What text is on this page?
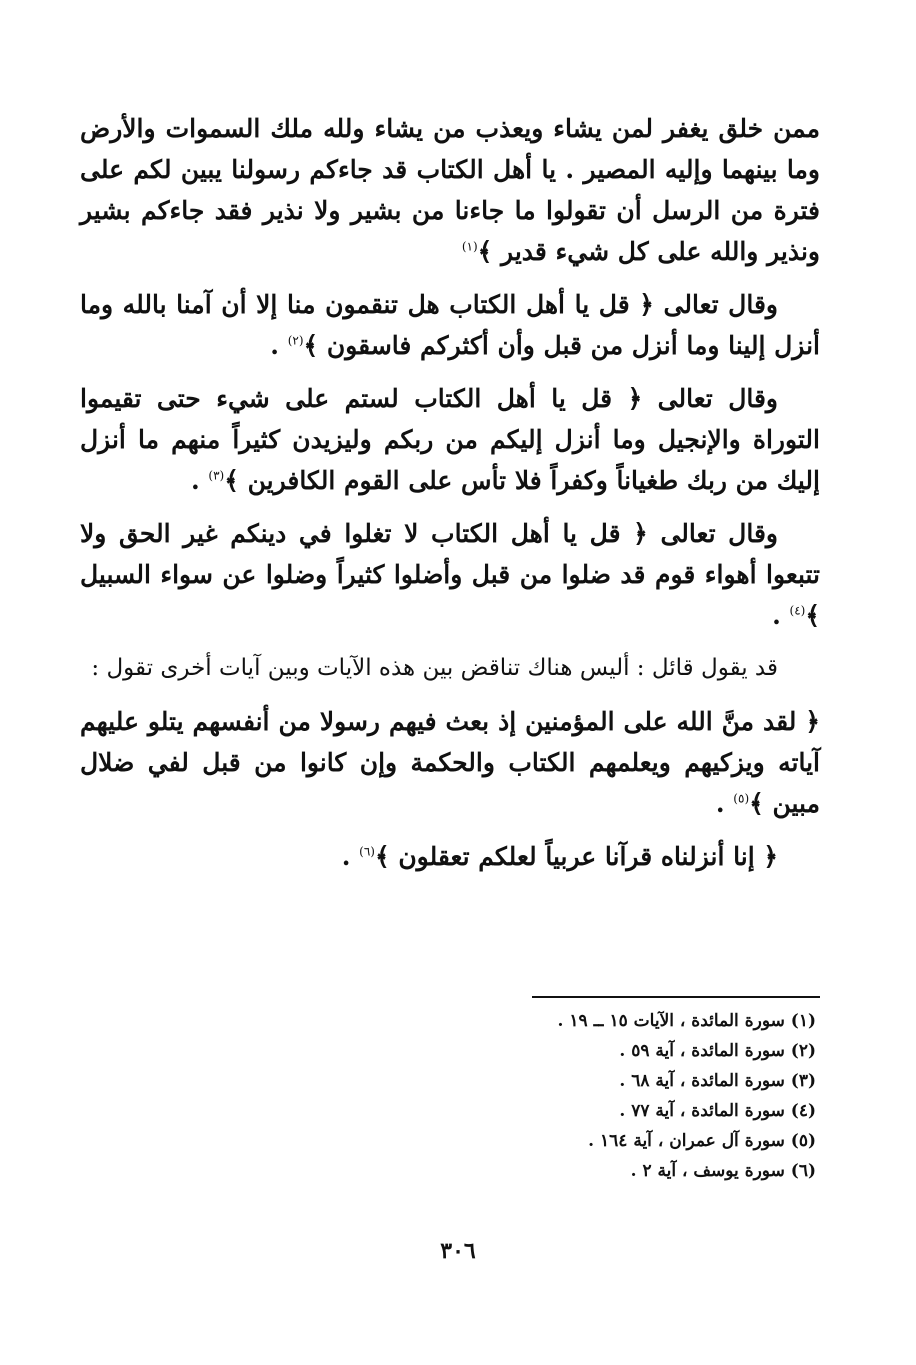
ممن خلق يغفر لمن يشاء ويعذب من يشاء ولله ملك السموات والأرض وما بينهما وإليه المصير . يا أهل الكتاب قد جاءكم رسولنا يبين لكم على فترة من الرسل أن تقولوا ما جاءنا من بشير ولا نذير فقد جاءكم بشير ونذير والله على كل شيء قدير ﴾$^{(١)}$

وقال تعالى ﴿ قل يا أهل الكتاب هل تنقمون منا إلا أن آمنا بالله وما أنزل إلينا وما أنزل من قبل وأن أكثركم فاسقون ﴾$^{(٢)}$ .

وقال تعالى ﴿ قل يا أهل الكتاب لستم على شيء حتى تقيموا التوراة والإنجيل وما أنزل إليكم من ربكم وليزيدن كثيراً منهم ما أنزل إليك من ربك طغياناً وكفراً فلا تأس على القوم الكافرين ﴾$^{(٣)}$ .

وقال تعالى ﴿ قل يا أهل الكتاب لا تغلوا في دينكم غير الحق ولا تتبعوا أهواء قوم قد ضلوا من قبل وأضلوا كثيراً وضلوا عن سواء السبيل ﴾$^{(٤)}$ .

قد يقول قائل : أليس هناك تناقض بين هذه الآيات وبين آيات أخرى تقول :

﴿ لقد منَّ الله على المؤمنين إذ بعث فيهم رسولا من أنفسهم يتلو عليهم آياته ويزكيهم ويعلمهم الكتاب والحكمة وإن كانوا من قبل لفي ضلال مبين ﴾$^{(٥)}$ .

﴿ إنا أنزلناه قرآنا عربياً لعلكم تعقلون ﴾$^{(٦)}$ .

(١) سورة المائدة ، الآيات ١٥ ــ ١٩ .
(٢) سورة المائدة ، آية ٥٩ .
(٣) سورة المائدة ، آية ٦٨ .
(٤) سورة المائدة ، آية ٧٧ .
(٥) سورة آل عمران ، آية ١٦٤ .
(٦) سورة يوسف ، آية ٢ .
٣٠٦
